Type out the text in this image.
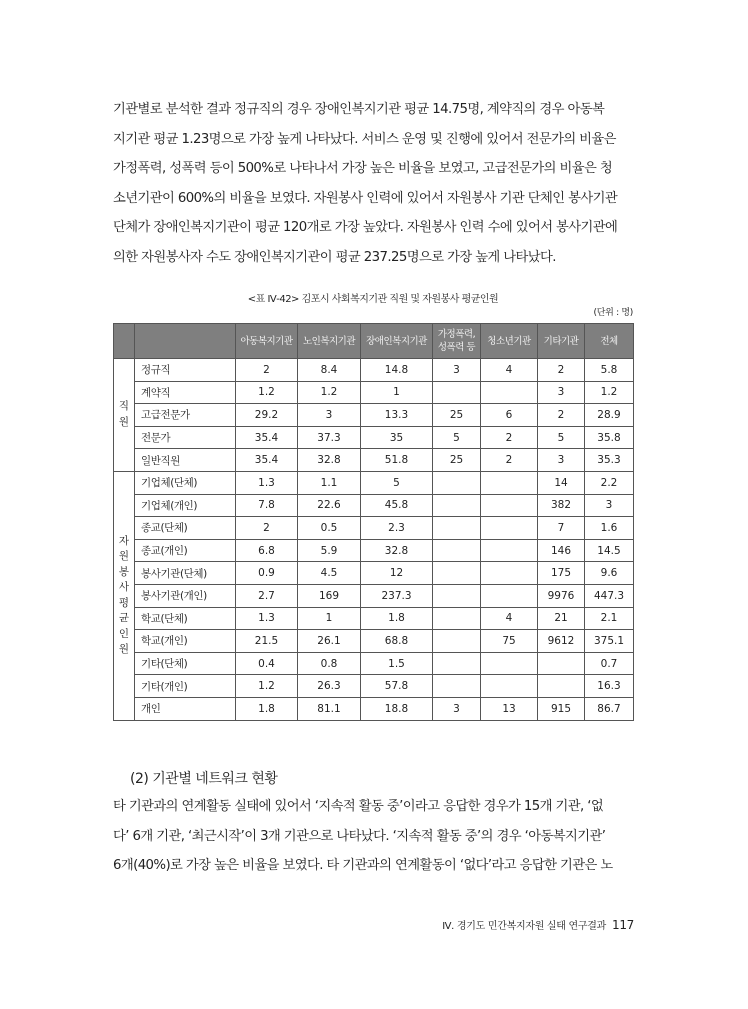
기관별로 분석한 결과 정규직의 경우 장애인복지기관 평균 14.75명, 계약직의 경우 아동복
지기관 평균 1.23명으로 가장 높게 나타났다. 서비스 운영 및 진행에 있어서 전문가의 비율은
가정폭력, 성폭력 등이 500%로 나타나서 가장 높은 비율을 보였고, 고급전문가의 비율은 청
소년기관이 600%의 비율을 보였다. 자원봉사 인력에 있어서 자원봉사 기관 단체인 봉사기관
단체가 장애인복지기관이 평균 120개로 가장 높았다. 자원봉사 인력 수에 있어서 봉사기관에
의한 자원봉사자 수도 장애인복지기관이 평균 237.25명으로 가장 높게 나타났다.
<표 Ⅳ-42> 김포시 사회복지기관 직원 및 자원봉사 평균인원
(단위 : 명)
		아동복지기관	노인복지기관	장애인복지기관	가정폭력, 성폭력 등	청소년기관	기타기관	전체
직원	정규직	2	8.4	14.8	3	4	2	5.8
	계약직	1.2	1.2	1			3	1.2
	고급전문가	29.2	3	13.3	25	6	2	28.9
	전문가	35.4	37.3	35	5	2	5	35.8
	일반직원	35.4	32.8	51.8	25	2	3	35.3
자원봉사평균인원	기업체(단체)	1.3	1.1	5			14	2.2
	기업체(개인)	7.8	22.6	45.8			382	3
	종교(단체)	2	0.5	2.3			7	1.6
	종교(개인)	6.8	5.9	32.8			146	14.5
	봉사기관(단체)	0.9	4.5	12			175	9.6
	봉사기관(개인)	2.7	169	237.3			9976	447.3
	학교(단체)	1.3	1	1.8		4	21	2.1
	학교(개인)	21.5	26.1	68.8		75	9612	375.1
	기타(단체)	0.4	0.8	1.5				0.7
	기타(개인)	1.2	26.3	57.8				16.3
	개인	1.8	81.1	18.8	3	13	915	86.7
(2) 기관별 네트워크 현황
타 기관과의 연계활동 실태에 있어서 ‘지속적 활동 중’이라고 응답한 경우가 15개 기관, ‘없
다’ 6개 기관, ‘최근시작’이 3개 기관으로 나타났다. ‘지속적 활동 중’의 경우 ‘아동복지기관’
6개(40%)로 가장 높은 비율을 보였다. 타 기관과의 연계활동이 ‘없다’라고 응답한 기관은 노
Ⅳ. 경기도 민간복지자원 실태 연구결과 117
